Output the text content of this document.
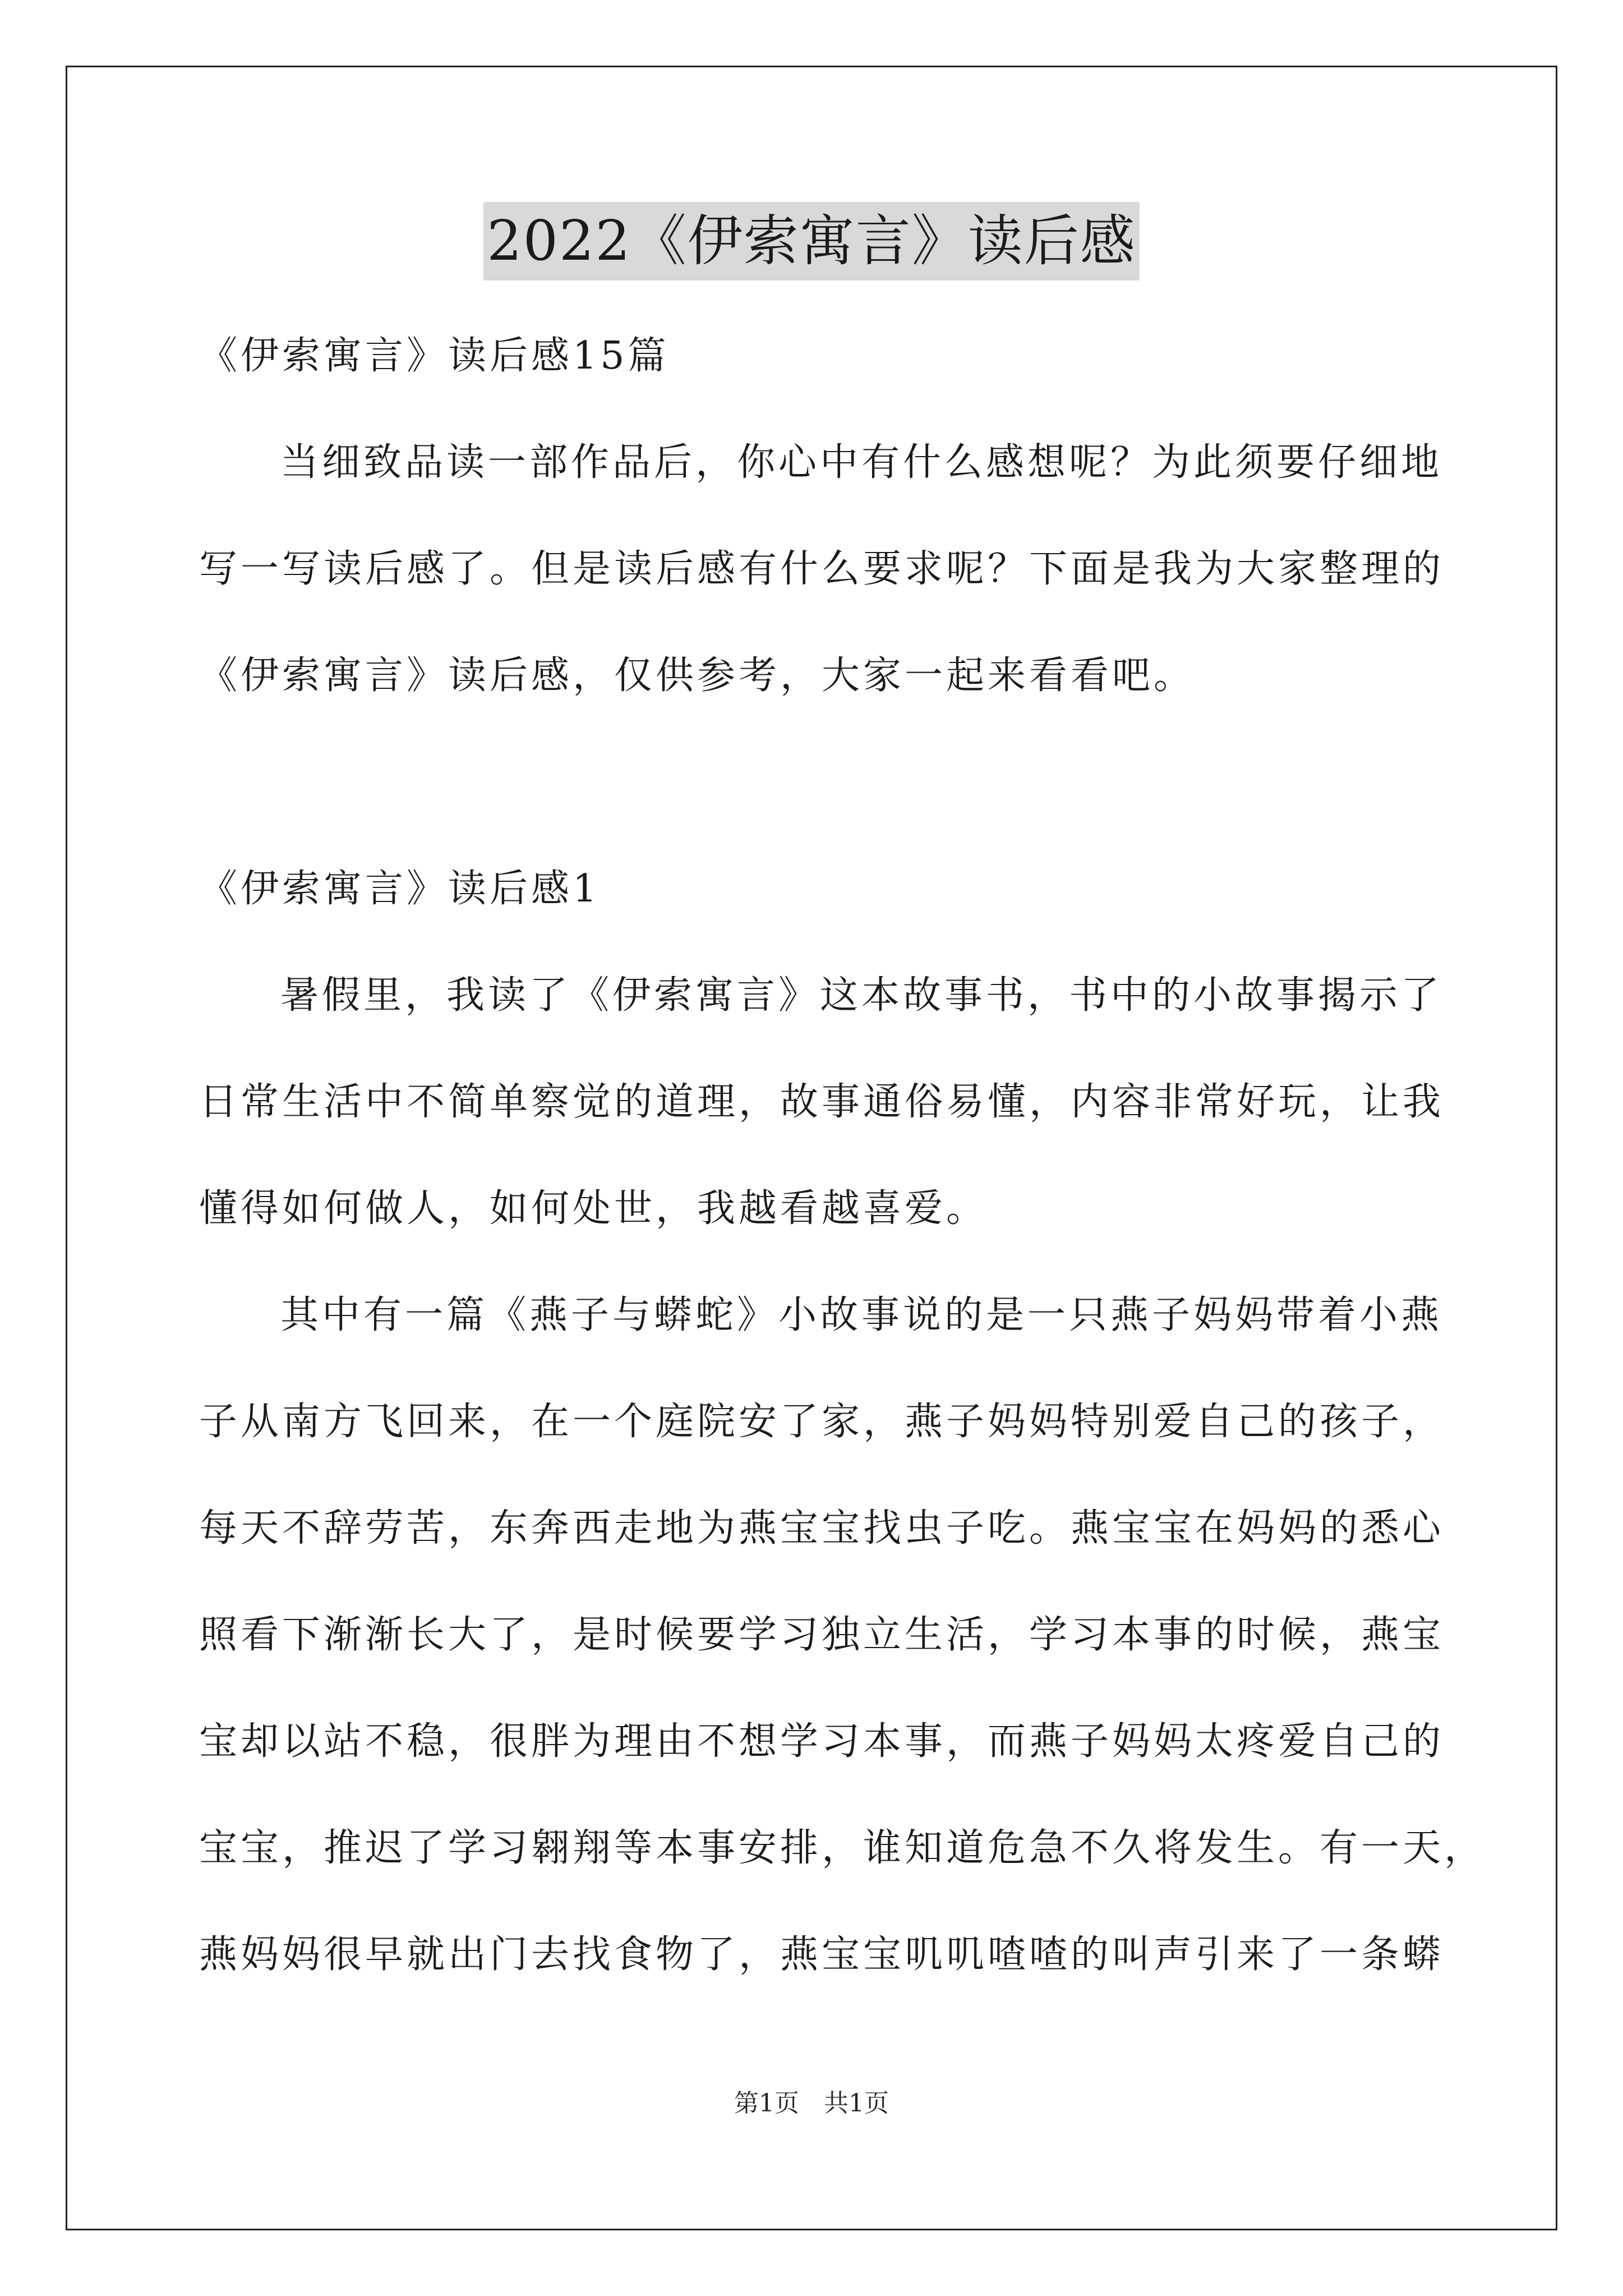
2022《伊索寓言》读后感
《伊索寓言》读后感15篇
当细致品读一部作品后，你心中有什么感想呢？为此须要仔细地
写一写读后感了。但是读后感有什么要求呢？下面是我为大家整理的
《伊索寓言》读后感，仅供参考，大家一起来看看吧。
《伊索寓言》读后感1
暑假里，我读了《伊索寓言》这本故事书，书中的小故事揭示了
日常生活中不简单察觉的道理，故事通俗易懂，内容非常好玩，让我
懂得如何做人，如何处世，我越看越喜爱。
其中有一篇《燕子与蟒蛇》小故事说的是一只燕子妈妈带着小燕
子从南方飞回来，在一个庭院安了家，燕子妈妈特别爱自己的孩子，
每天不辞劳苦，东奔西走地为燕宝宝找虫子吃。燕宝宝在妈妈的悉心
照看下渐渐长大了，是时候要学习独立生活，学习本事的时候，燕宝
宝却以站不稳，很胖为理由不想学习本事，而燕子妈妈太疼爱自己的
宝宝，推迟了学习翱翔等本事安排，谁知道危急不久将发生。有一天，
燕妈妈很早就出门去找食物了，燕宝宝叽叽喳喳的叫声引来了一条蟒
第1页　共1页
